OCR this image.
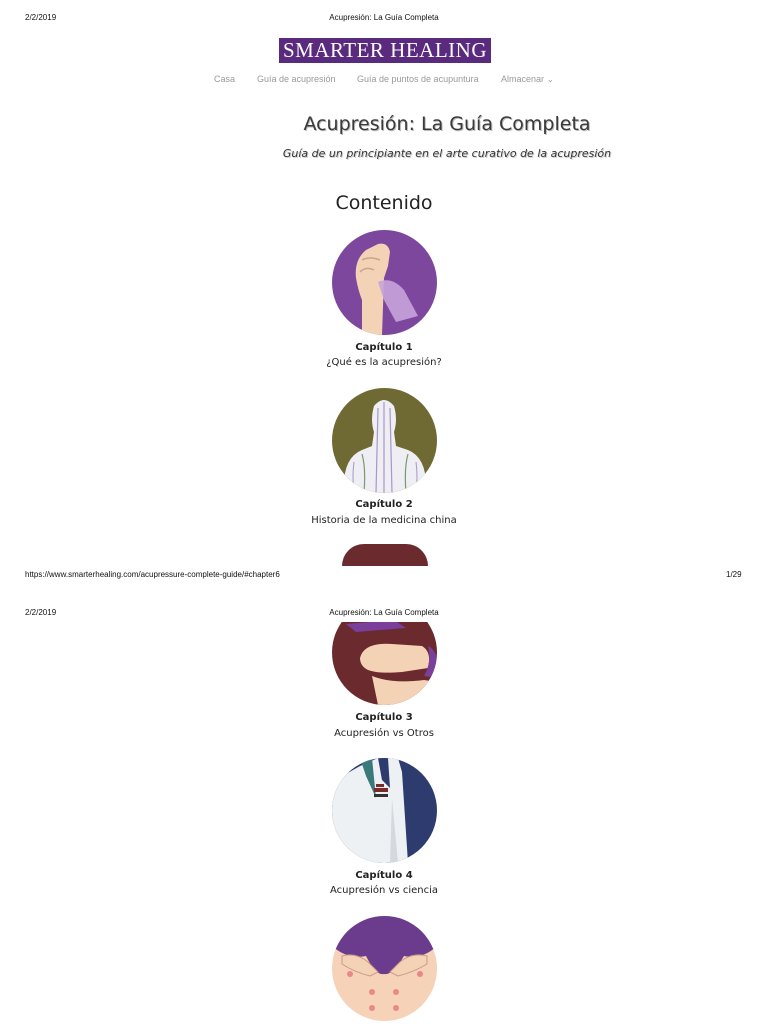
2/2/2019	Acupresión: La Guía Completa
SMARTER HEALING
Casa Guía de acupresión Guía de puntos de acupuntura Almacenar ⌄
Acupresión: La Guía Completa
Guía de un principiante en el arte curativo de la acupresión
Contenido
Capítulo 1
¿Qué es la acupresión?
Capítulo 2
Historia de la medicina china
https://www.smarterhealing.com/acupressure-complete-guide/#chapter6	1/29
2/2/2019	Acupresión: La Guía Completa
Capítulo 3
Acupresión vs Otros
Capítulo 4
Acupresión vs ciencia
